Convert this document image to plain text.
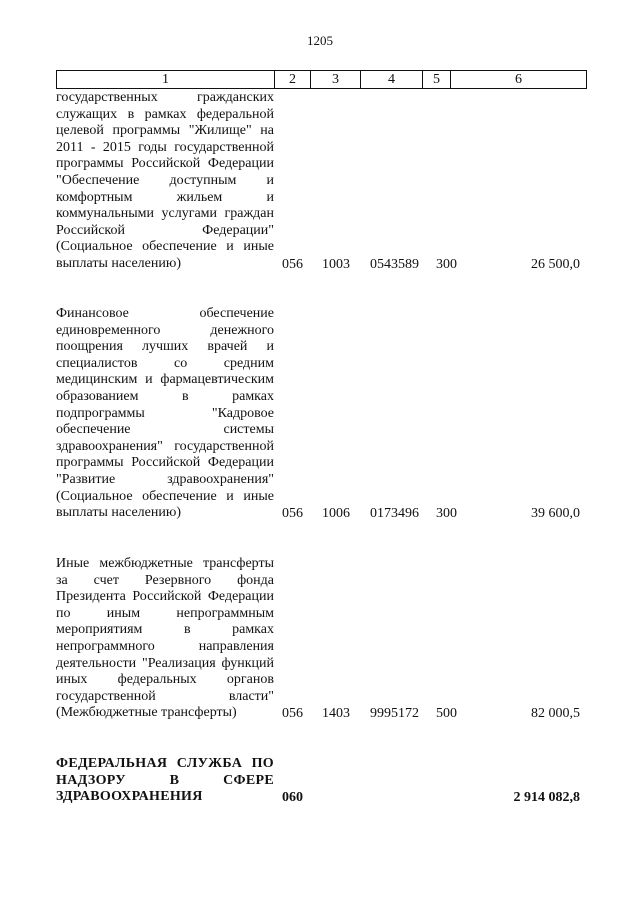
1205
1	2	3	4	5	6
государственных гражданских служащих в рамках федеральной целевой программы "Жилище" на 2011 - 2015 годы государственной программы Российской Федерации "Обеспечение доступным и комфортным жильем и коммунальными услугами граждан Российской Федерации" (Социальное обеспечение и иные выплаты населению)	056 1003 0543589 300	26 500,0
Финансовое обеспечение единовременного денежного поощрения лучших врачей и специалистов со средним медицинским и фармацевтическим образованием в рамках подпрограммы "Кадровое обеспечение системы здравоохранения" государственной программы Российской Федерации "Развитие здравоохранения" (Социальное обеспечение и иные выплаты населению)	056 1006 0173496 300	39 600,0
Иные межбюджетные трансферты за счет Резервного фонда Президента Российской Федерации по иным непрограммным мероприятиям в рамках непрограммного направления деятельности "Реализация функций иных федеральных органов государственной власти" (Межбюджетные трансферты)	056 1403 9995172 500	82 000,5
ФЕДЕРАЛЬНАЯ СЛУЖБА ПО НАДЗОРУ В СФЕРЕ ЗДРАВООХРАНЕНИЯ	060	2 914 082,8
